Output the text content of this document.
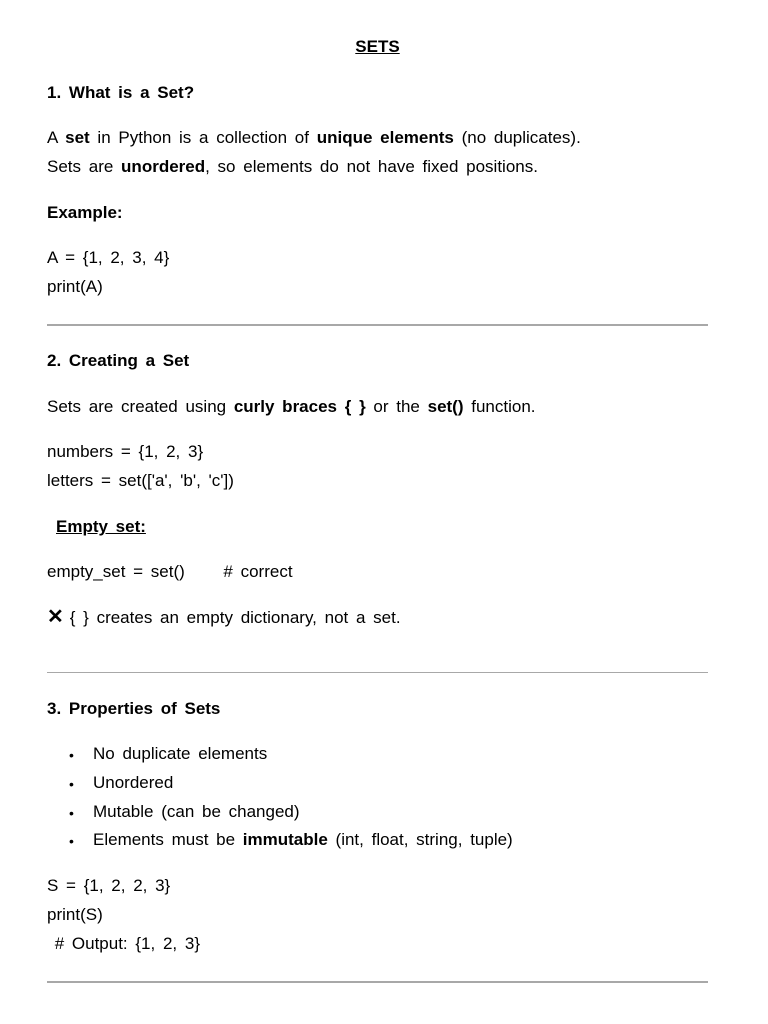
SETS

1. What is a Set?

A set in Python is a collection of unique elements (no duplicates).

Sets are unordered, so elements do not have fixed positions.

Example:

A = {1, 2, 3, 4}

print(A)

2. Creating a Set

Sets are created using curly braces { } or the set() function.

numbers = {1, 2, 3}

letters = set(['a', 'b', 'c'])

Empty set:

empty_set = set()     # correct

✕ { } creates an empty dictionary, not a set.

3. Properties of Sets

• No duplicate elements

• Unordered

• Mutable (can be changed)

• Elements must be immutable (int, float, string, tuple)

S = {1, 2, 2, 3}

print(S)

# Output: {1, 2, 3}
